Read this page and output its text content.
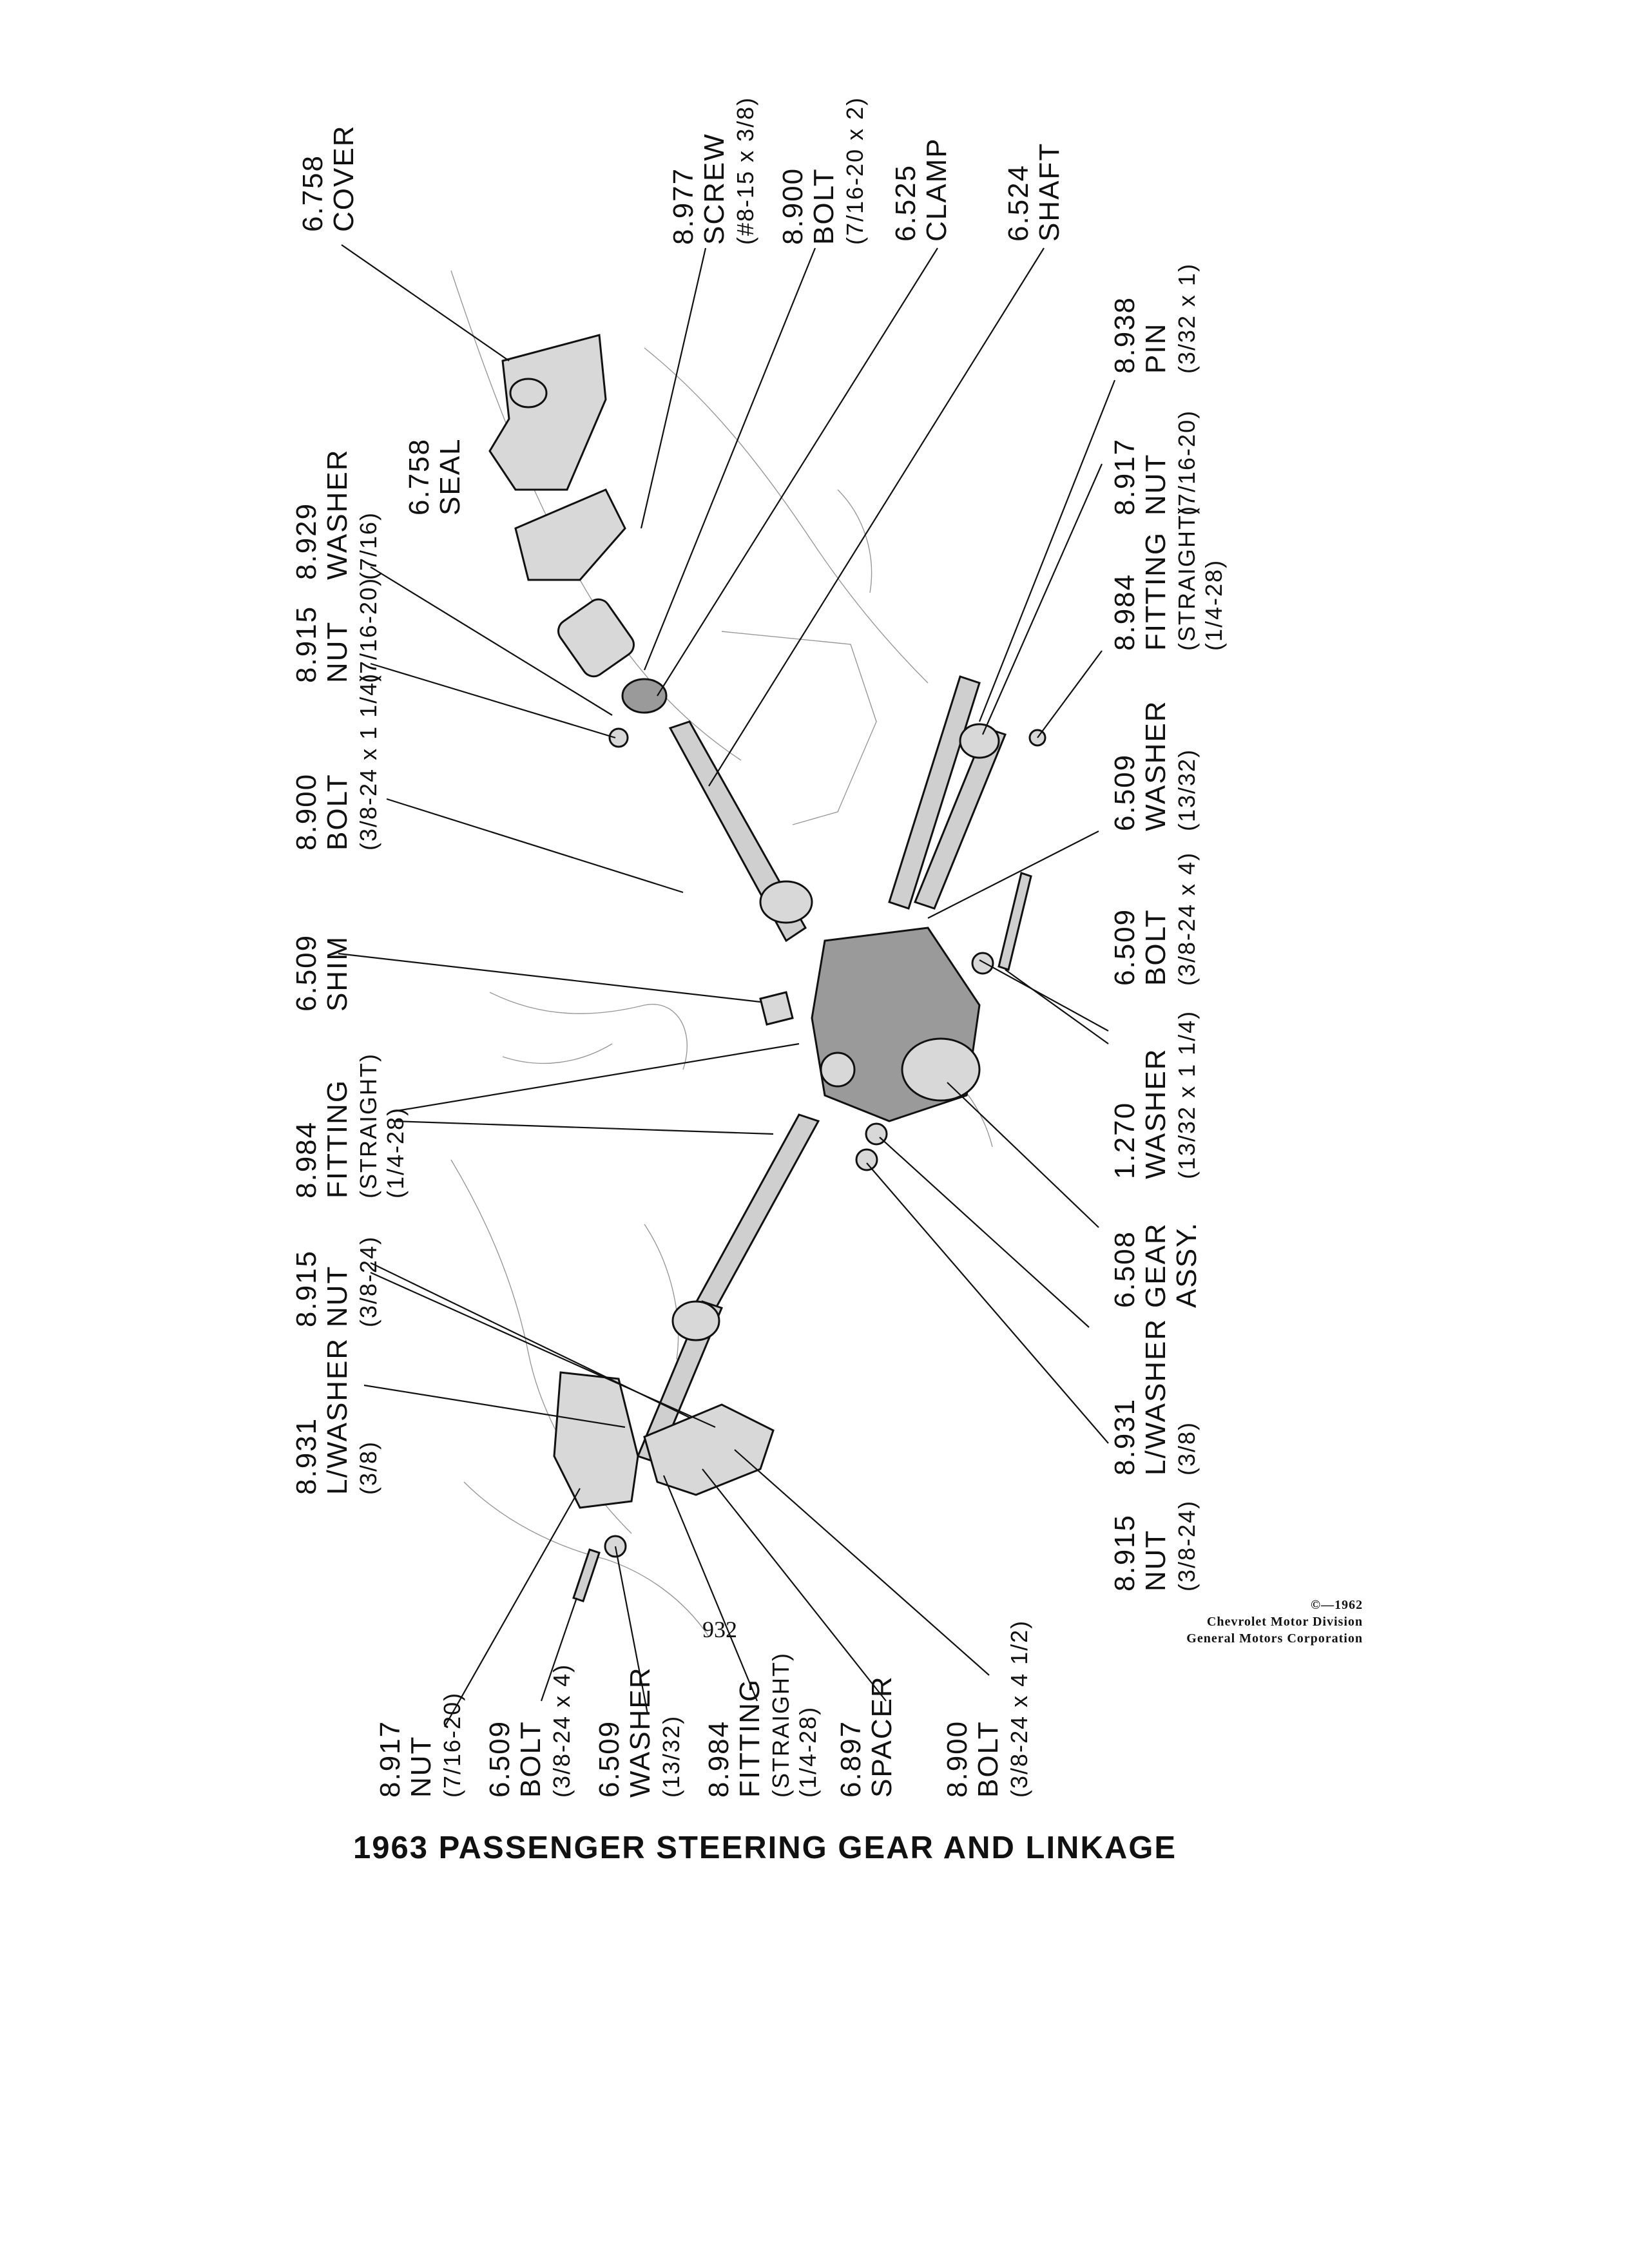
6.758 COVER	8.977 SCREW (#8-15 x 3/8) 8.900 BOLT (7/16-20 x 2) 6.525 CLAMP 6.524 SHAFT
8.938 PIN (3/32 x 1)
8.917 NUT (7/16-20)
8.984 FITTING (STRAIGHT) (1/4-28)
8.929 WASHER (7/16)
6.758 SEAL
8.915 NUT (7/16-20)
8.900 BOLT (3/8-24 x 1 1/4)	6.509 WASHER (13/32)
6.509 BOLT (3/8-24 x 4)
6.509 SHIM
1.270 WASHER (13/32 x 1 1/4)
8.984 FITTING (STRAIGHT) (1/4-28)
6.508 GEAR ASSY.
8.915 NUT (3/8-24)
8.931 L/WASHER (3/8)
8.931 L/WASHER (3/8)
8.915 NUT (3/8-24)
8.917 NUT (7/16-20) 6.509 BOLT (3/8-24 x 4) 6.509 WASHER (13/32) 8.984 FITTING (STRAIGHT) (1/4-28) 6.897 SPACER 8.900 BOLT (3/8-24 x 4 1/2)
1963 PASSENGER STEERING GEAR AND LINKAGE
932
©—1962
Chevrolet Motor Division
General Motors Corporation
